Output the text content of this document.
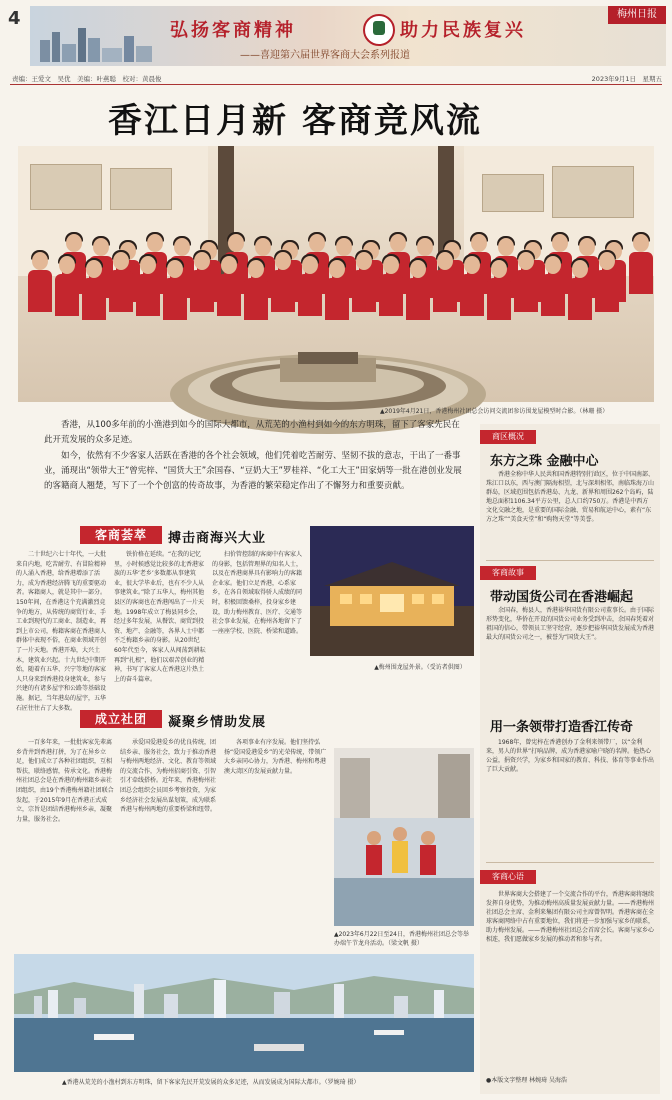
4
弘扬客商精神	助力民族复兴
——喜迎第六届世界客商大会系列报道
梅州日报
责编：王爱文　吴优　美编：叶燕聪　校对：黄晨俊	2023年9月1日　星期五
香江日月新 客商竞风流
▲2019年4月21日，香港梅州社团总会访问交流团参访围龙屋模型时合影。（林珊 摄）

香港，从100多年前的小渔港到如今的国际大都市，从荒芜的小渔村到如今的东方明珠，留下了客家先民在此开荒发展的众多足迹。

如今，依然有不少客家人活跃在香港的各个社会领域，他们凭着吃苦耐劳、坚韧不拔的意志，干出了一番事业，涌现出“领带大王”曾宪梓、“国货大王”余国春、“豆奶大王”罗桂祥、“化工大王”田家炳等一批在港创业发展的客籍商人翘楚，写下了一个个创富的传奇故事，为香港的繁荣稳定作出了不懈努力和重要贡献。

客商荟萃	搏击商海兴大业
二十世纪六七十年代，一大批来自内地，吃苦耐劳、有冒险精神的人涌入香港，给香港增添了活力，成为香港经济腾飞的重要驱动者。客籍商人，就是其中一部分。150年间，在香港这个充满激烈竞争的地方，从传统的商贸行业、手工业到现代的工商业、制造业，再到上市公司，梅籍客商在香港商人群体中表现不俗，在商业领域开创了一片天地。香港开埠，大兴土木，建筑业兴起。十九世纪中期开始，随着有五华、兴宁等地的客家人只身来到香港投身建筑业，参与兴建的有诸多屋宇和公路等基础设施。据记，当年港岛的屋宇，五华石匠往往占了大多数。
铁价格在延续。“在我的记忆里，小时候感觉比较多的北香港家族的五华‘老乡’多数都从事建筑业，很大学毕业后，也有不少人从事建筑业。”除了五华人，梅州其他县区的客商也在香港闯出了一片天地。1998年成立了梅县同乡会，经过多年发展，从餐饮、商贸到投资、地产、金融等，各界人士中都不乏梅籍乡亲的身影。从20世纪60年代至今，客家人从闯荡到耕耘再到“扎根”，他们以艰苦创业的精神，书写了客家人在香港这片热土上的奋斗篇章。
扫价管控制的客商中有客家人的身影，包括管理界的知名人士，以及在香港商界具有影响力的客籍企业家。他们立足香港，心系家乡，在各自领域取得骄人成绩的同时，积极回馈桑梓，投身家乡建设，助力梅州教育、医疗、交通等社会事业发展，在梅州各地留下了一座座学校、医院、桥梁和道路。
▲梅州围龙屋外景。（受访者供图）
成立社团	凝聚乡情助发展
一百多年来，一批批客家先辈离乡背井到香港打拼，为了在异乡立足，他们成立了各种社团组织，互相帮扶，联络感情，传承文化。香港梅州社团总会是在香港的梅州籍乡亲社团组织，由19个香港梅州籍社团联合发起，于2015年9月在香港正式成立，宗旨是团结香港梅州乡亲，凝聚力量，服务社会。
承爱国爱港爱乡的优良传统，团结乡亲、服务社会，致力于推动香港与梅州两地经济、文化、教育等领域的交流合作，为梅州招商引资、引智引才牵线搭桥。近年来，香港梅州社团总会组织会员回乡考察投资，为家乡经济社会发展出谋划策，成为联系香港与梅州两地的重要桥梁和纽带。
各项事业有序发展。他们坚持弘扬“爱国爱港爱乡”的光荣传统，带领广大乡亲同心协力，为香港、梅州和粤港澳大湾区的发展贡献力量。
▲2023年6月22日至24日，香港梅州社团总会等举办端午节龙舟活动。（梁文帆 摄）
▲香港从荒芜的小渔村到东方明珠，留下客家先民开荒发展的众多足迹，从而发展成为国际大都市。（罗婉琦 摄）
商区概况
东方之珠 金融中心
香港全称中华人民共和国香港特别行政区，位于中国南部、珠江口以东，西与澳门隔海相望，北与深圳相邻，南临珠海万山群岛，区域范围包括香港岛、九龙、新界和周围262个岛屿，陆地总面积1106.34平方公里，总人口约750万。香港是中西方文化交融之地，是重要的国际金融、贸易和航运中心，素有“东方之珠”“美食天堂”和“购物天堂”等美誉。
客商故事
带动国货公司在香港崛起
余国春，梅县人，香港裕华国货有限公司董事长。由于国际形势变化，华侨在开设的国货公司业务受到冲击，余国春凭着对祖国的信心，带领员工坚守经营，逐步把裕华国货发展成为香港最大的国货公司之一，被誉为“国货大王”。
用一条领带打造香江传奇
1968年，曾宪梓在香港创办了金利来领带厂，以“金利来，男人的世界”打响品牌，成为香港家喻户晓的名牌。他热心公益，捐资兴学，为家乡和国家的教育、科技、体育等事业作出了巨大贡献。
客商心语
世界客商大会搭建了一个交流合作的平台，香港客商将继续发挥自身优势，为推动梅州高质量发展贡献力量。——香港梅州社团总会主席、金利来集团有限公司主席曾智明。香港客商在全球客商网络中占有重要地位，我们将进一步加强与家乡的联系，助力梅州发展。——香港梅州社团总会首席会长。客商与家乡心相连，我们愿做家乡发展的推动者和参与者。
●本版文字整理 林婉琦 吴海浩
